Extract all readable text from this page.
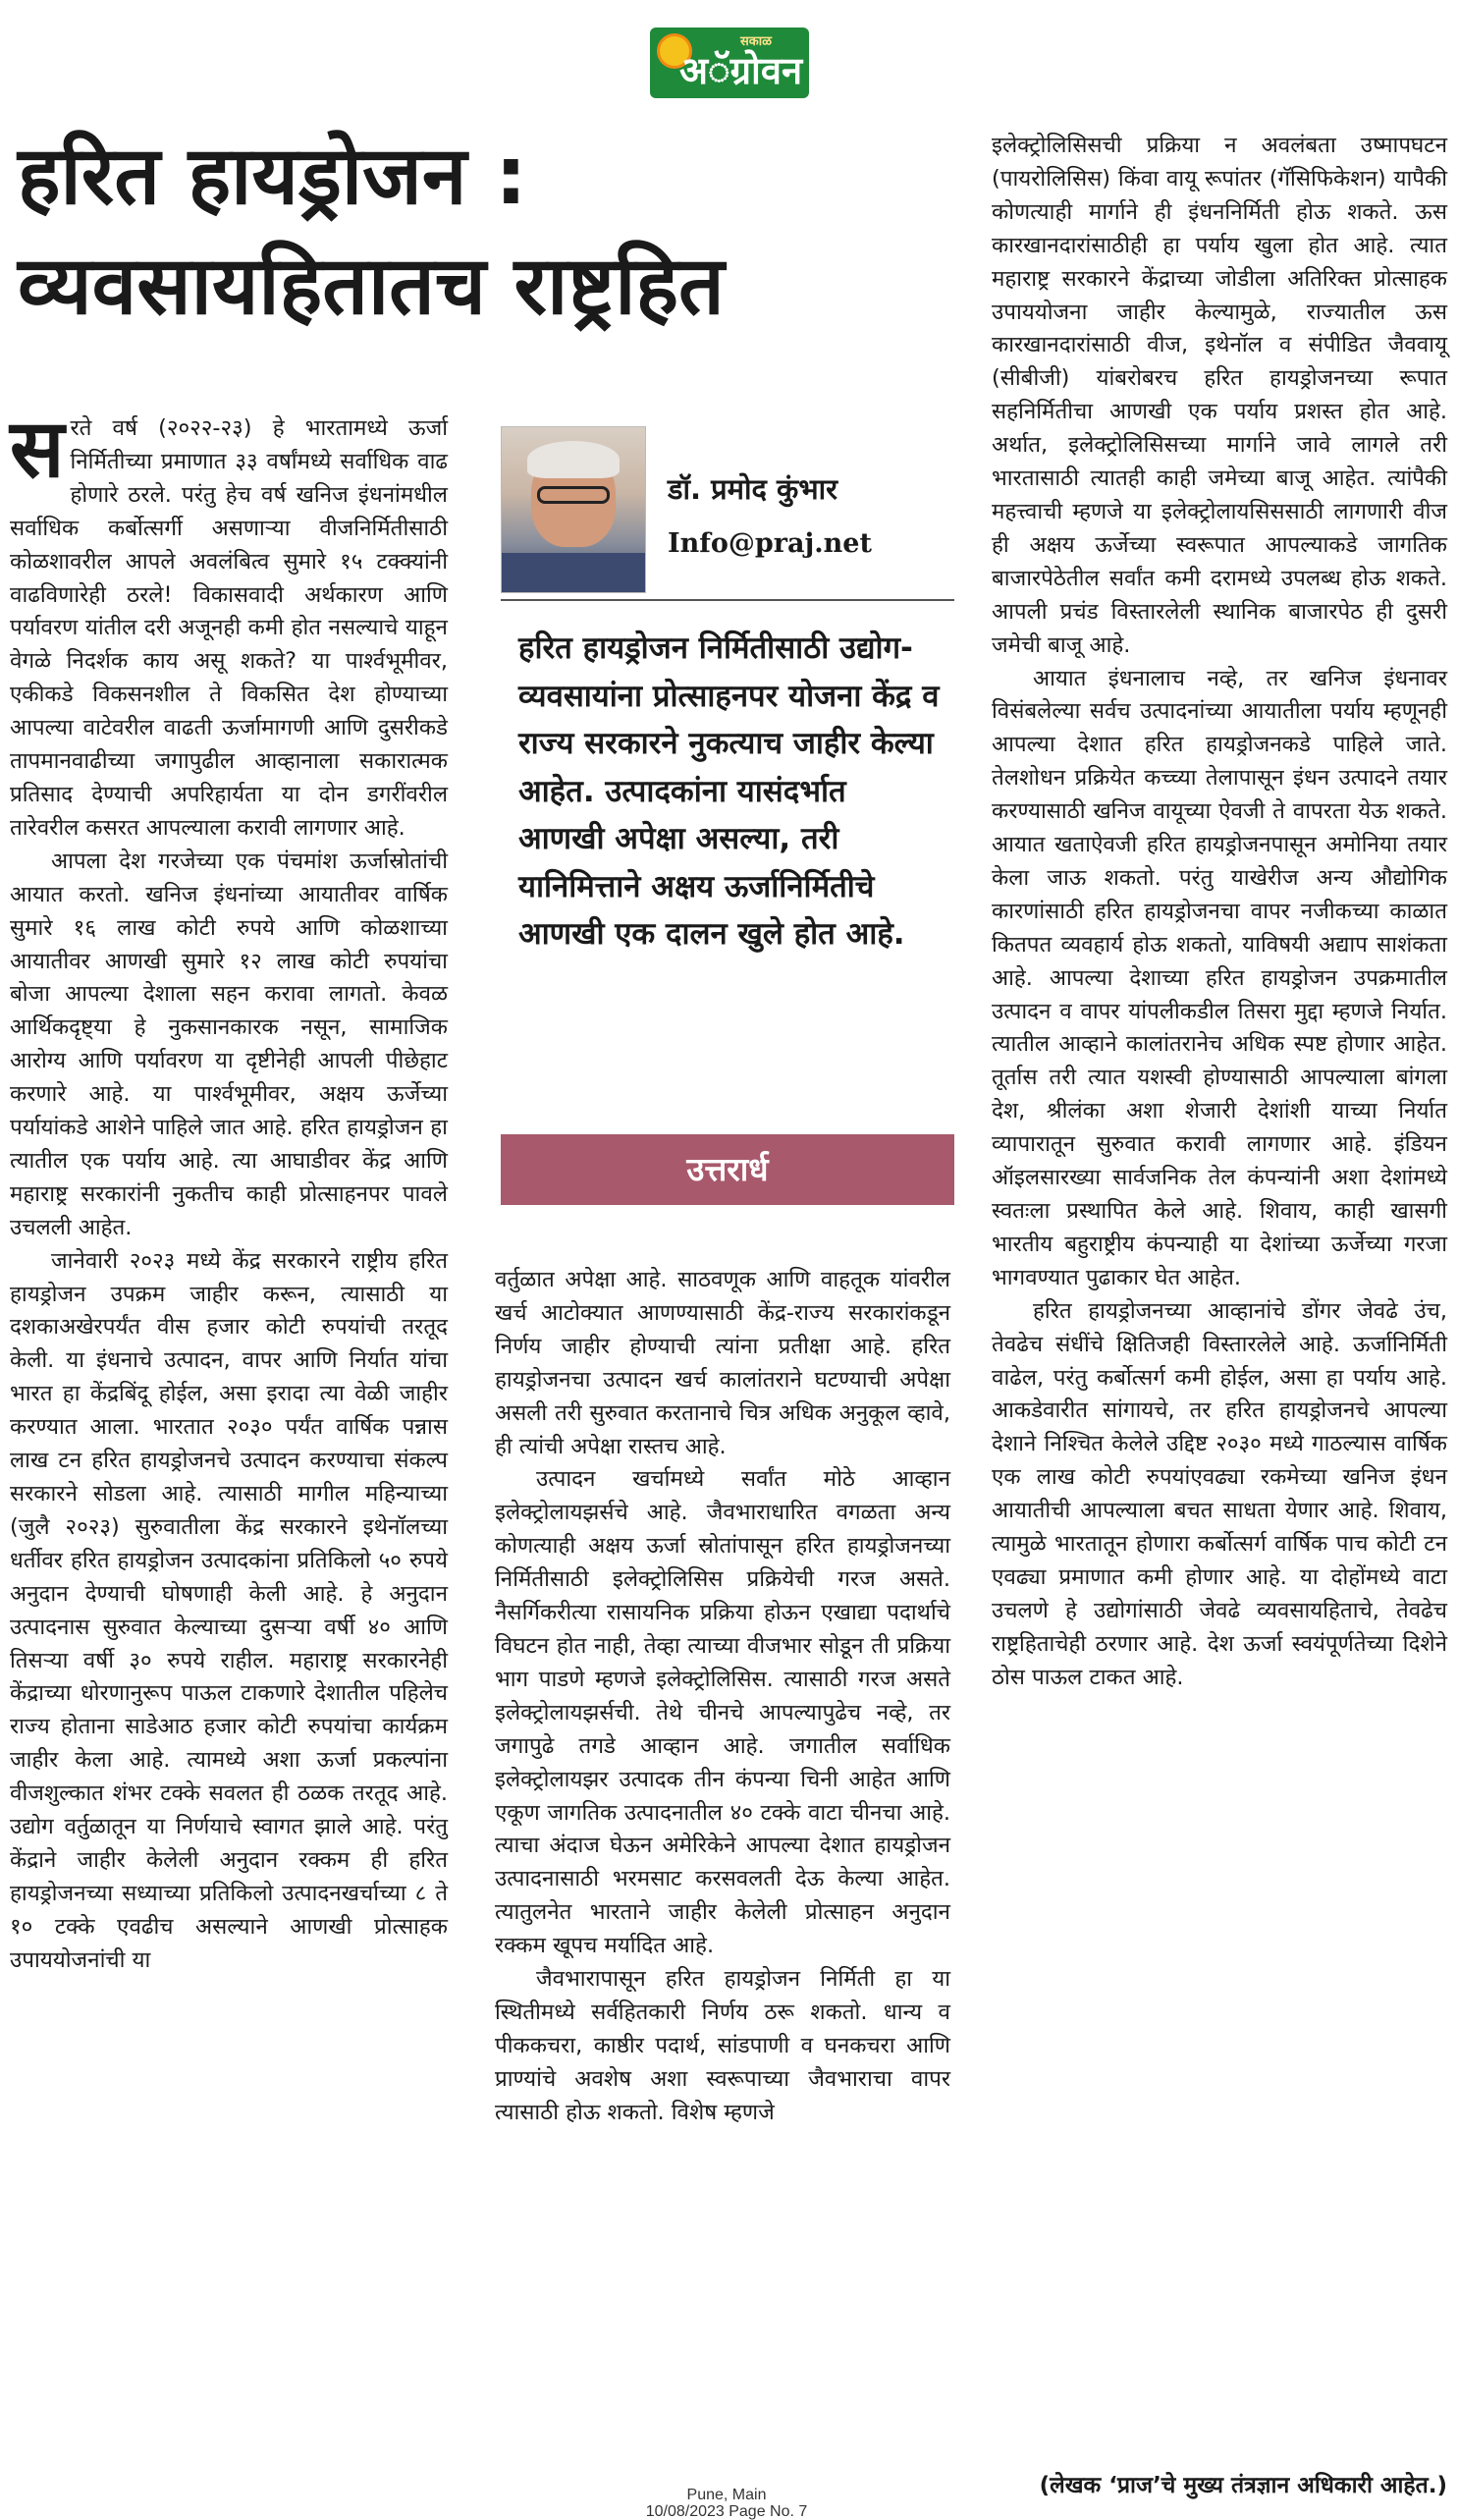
सकाळ
अॅग्रोवन
हरित हायड्रोजन :
व्यवसायहितातच राष्ट्रहित

सरते वर्ष (२०२२-२३) हे भारतामध्ये ऊर्जा निर्मितीच्या प्रमाणात ३३ वर्षांमध्ये सर्वाधिक वाढ होणारे ठरले. परंतु हेच वर्ष खनिज इंधनांमधील सर्वाधिक कर्बोत्सर्गी असणाऱ्या वीजनिर्मितीसाठी कोळशावरील आपले अवलंबित्व सुमारे १५ टक्क्यांनी वाढविणारेही ठरले! विकासवादी अर्थकारण आणि पर्यावरण यांतील दरी अजूनही कमी होत नसल्याचे याहून वेगळे निदर्शक काय असू शकते? या पार्श्वभूमीवर, एकीकडे विकसनशील ते विकसित देश होण्याच्या आपल्या वाटेवरील वाढती ऊर्जामागणी आणि दुसरीकडे तापमानवाढीच्या जगापुढील आव्हानाला सकारात्मक प्रतिसाद देण्याची अपरिहार्यता या दोन डगरींवरील तारेवरील कसरत आपल्याला करावी लागणार आहे.

आपला देश गरजेच्या एक पंचमांश ऊर्जास्रोतांची आयात करतो. खनिज इंधनांच्या आयातीवर वार्षिक सुमारे १६ लाख कोटी रुपये आणि कोळशाच्या आयातीवर आणखी सुमारे १२ लाख कोटी रुपयांचा बोजा आपल्या देशाला सहन करावा लागतो. केवळ आर्थिकदृष्ट्या हे नुकसानकारक नसून, सामाजिक आरोग्य आणि पर्यावरण या दृष्टीनेही आपली पीछेहाट करणारे आहे. या पार्श्वभूमीवर, अक्षय ऊर्जेच्या पर्यायांकडे आशेने पाहिले जात आहे. हरित हायड्रोजन हा त्यातील एक पर्याय आहे. त्या आघाडीवर केंद्र आणि महाराष्ट्र सरकारांनी नुकतीच काही प्रोत्साहनपर पावले उचलली आहेत.

जानेवारी २०२३ मध्ये केंद्र सरकारने राष्ट्रीय हरित हायड्रोजन उपक्रम जाहीर करून, त्यासाठी या दशकाअखेरपर्यंत वीस हजार कोटी रुपयांची तरतूद केली. या इंधनाचे उत्पादन, वापर आणि निर्यात यांचा भारत हा केंद्रबिंदू होईल, असा इरादा त्या वेळी जाहीर करण्यात आला. भारतात २०३० पर्यंत वार्षिक पन्नास लाख टन हरित हायड्रोजनचे उत्पादन करण्याचा संकल्प सरकारने सोडला आहे. त्यासाठी मागील महिन्याच्या (जुलै २०२३) सुरुवातीला केंद्र सरकारने इथेनॉलच्या धर्तीवर हरित हायड्रोजन उत्पादकांना प्रतिकिलो ५० रुपये अनुदान देण्याची घोषणाही केली आहे. हे अनुदान उत्पादनास सुरुवात केल्याच्या दुसऱ्या वर्षी ४० आणि तिसऱ्या वर्षी ३० रुपये राहील. महाराष्ट्र सरकारनेही केंद्राच्या धोरणानुरूप पाऊल टाकणारे देशातील पहिलेच राज्य होताना साडेआठ हजार कोटी रुपयांचा कार्यक्रम जाहीर केला आहे. त्यामध्ये अशा ऊर्जा प्रकल्पांना वीजशुल्कात शंभर टक्के सवलत ही ठळक तरतूद आहे. उद्योग वर्तुळातून या निर्णयाचे स्वागत झाले आहे. परंतु केंद्राने जाहीर केलेली अनुदान रक्कम ही हरित हायड्रोजनच्या सध्याच्या प्रतिकिलो उत्पादनखर्चाच्या ८ ते १० टक्के एवढीच असल्याने आणखी प्रोत्साहक उपाययोजनांची या

डॉ. प्रमोद कुंभार
Info@praj.net
हरित हायड्रोजन निर्मितीसाठी उद्योग-व्यवसायांना प्रोत्साहनपर योजना केंद्र व राज्य सरकारने नुकत्याच जाहीर केल्या आहेत. उत्पादकांना यासंदर्भात आणखी अपेक्षा असल्या, तरी यानिमित्ताने अक्षय ऊर्जानिर्मितीचे आणखी एक दालन खुले होत आहे.
उत्तरार्ध

वर्तुळात अपेक्षा आहे. साठवणूक आणि वाहतूक यांवरील खर्च आटोक्यात आणण्यासाठी केंद्र-राज्य सरकारांकडून निर्णय जाहीर होण्याची त्यांना प्रतीक्षा आहे. हरित हायड्रोजनचा उत्पादन खर्च कालांतराने घटण्याची अपेक्षा असली तरी सुरुवात करतानाचे चित्र अधिक अनुकूल व्हावे, ही त्यांची अपेक्षा रास्तच आहे.

उत्पादन खर्चामध्ये सर्वांत मोठे आव्हान इलेक्ट्रोलायझर्सचे आहे. जैवभाराधारित वगळता अन्य कोणत्याही अक्षय ऊर्जा स्रोतांपासून हरित हायड्रोजनच्या निर्मितीसाठी इलेक्ट्रोलिसिस प्रक्रियेची गरज असते. नैसर्गिकरीत्या रासायनिक प्रक्रिया होऊन एखाद्या पदार्थाचे विघटन होत नाही, तेव्हा त्याच्या वीजभार सोडून ती प्रक्रिया भाग पाडणे म्हणजे इलेक्ट्रोलिसिस. त्यासाठी गरज असते इलेक्ट्रोलायझर्सची. तेथे चीनचे आपल्यापुढेच नव्हे, तर जगापुढे तगडे आव्हान आहे. जगातील सर्वाधिक इलेक्ट्रोलायझर उत्पादक तीन कंपन्या चिनी आहेत आणि एकूण जागतिक उत्पादनातील ४० टक्के वाटा चीनचा आहे. त्याचा अंदाज घेऊन अमेरिकेने आपल्या देशात हायड्रोजन उत्पादनासाठी भरमसाट करसवलती देऊ केल्या आहेत. त्यातुलनेत भारताने जाहीर केलेली प्रोत्साहन अनुदान रक्कम खूपच मर्यादित आहे.

जैवभारापासून हरित हायड्रोजन निर्मिती हा या स्थितीमध्ये सर्वहितकारी निर्णय ठरू शकतो. धान्य व पीककचरा, काष्ठीर पदार्थ, सांडपाणी व घनकचरा आणि प्राण्यांचे अवशेष अशा स्वरूपाच्या जैवभाराचा वापर त्यासाठी होऊ शकतो. विशेष म्हणजे

इलेक्ट्रोलिसिसची प्रक्रिया न अवलंबता उष्मापघटन (पायरोलिसिस) किंवा वायू रूपांतर (गॅसिफिकेशन) यापैकी कोणत्याही मार्गाने ही इंधननिर्मिती होऊ शकते. ऊस कारखानदारांसाठीही हा पर्याय खुला होत आहे. त्यात महाराष्ट्र सरकारने केंद्राच्या जोडीला अतिरिक्त प्रोत्साहक उपाययोजना जाहीर केल्यामुळे, राज्यातील ऊस कारखानदारांसाठी वीज, इथेनॉल व संपीडित जैववायू (सीबीजी) यांबरोबरच हरित हायड्रोजनच्या रूपात सहनिर्मितीचा आणखी एक पर्याय प्रशस्त होत आहे. अर्थात, इलेक्ट्रोलिसिसच्या मार्गाने जावे लागले तरी भारतासाठी त्यातही काही जमेच्या बाजू आहेत. त्यांपैकी महत्त्वाची म्हणजे या इलेक्ट्रोलायसिससाठी लागणारी वीज ही अक्षय ऊर्जेच्या स्वरूपात आपल्याकडे जागतिक बाजारपेठेतील सर्वांत कमी दरामध्ये उपलब्ध होऊ शकते. आपली प्रचंड विस्तारलेली स्थानिक बाजारपेठ ही दुसरी जमेची बाजू आहे.

आयात इंधनालाच नव्हे, तर खनिज इंधनावर विसंबलेल्या सर्वच उत्पादनांच्या आयातीला पर्याय म्हणूनही आपल्या देशात हरित हायड्रोजनकडे पाहिले जाते. तेलशोधन प्रक्रियेत कच्च्या तेलापासून इंधन उत्पादने तयार करण्यासाठी खनिज वायूच्या ऐवजी ते वापरता येऊ शकते. आयात खताऐवजी हरित हायड्रोजनपासून अमोनिया तयार केला जाऊ शकतो. परंतु याखेरीज अन्य औद्योगिक कारणांसाठी हरित हायड्रोजनचा वापर नजीकच्या काळात कितपत व्यवहार्य होऊ शकतो, याविषयी अद्याप साशंकता आहे. आपल्या देशाच्या हरित हायड्रोजन उपक्रमातील उत्पादन व वापर यांपलीकडील तिसरा मुद्दा म्हणजे निर्यात. त्यातील आव्हाने कालांतरानेच अधिक स्पष्ट होणार आहेत. तूर्तास तरी त्यात यशस्वी होण्यासाठी आपल्याला बांगला देश, श्रीलंका अशा शेजारी देशांशी याच्या निर्यात व्यापारातून सुरुवात करावी लागणार आहे. इंडियन ऑइलसारख्या सार्वजनिक तेल कंपन्यांनी अशा देशांमध्ये स्वतःला प्रस्थापित केले आहे. शिवाय, काही खासगी भारतीय बहुराष्ट्रीय कंपन्याही या देशांच्या ऊर्जेच्या गरजा भागवण्यात पुढाकार घेत आहेत.

हरित हायड्रोजनच्या आव्हानांचे डोंगर जेवढे उंच, तेवढेच संधींचे क्षितिजही विस्तारलेले आहे. ऊर्जानिर्मिती वाढेल, परंतु कर्बोत्सर्ग कमी होईल, असा हा पर्याय आहे. आकडेवारीत सांगायचे, तर हरित हायड्रोजनचे आपल्या देशाने निश्चित केलेले उद्दिष्ट २०३० मध्ये गाठल्यास वार्षिक एक लाख कोटी रुपयांएवढ्या रकमेच्या खनिज इंधन आयातीची आपल्याला बचत साधता येणार आहे. शिवाय, त्यामुळे भारतातून होणारा कर्बोत्सर्ग वार्षिक पाच कोटी टन एवढ्या प्रमाणात कमी होणार आहे. या दोहोंमध्ये वाटा उचलणे हे उद्योगांसाठी जेवढे व्यवसायहिताचे, तेवढेच राष्ट्रहिताचेही ठरणार आहे. देश ऊर्जा स्वयंपूर्णतेच्या दिशेने ठोस पाऊल टाकत आहे.

(लेखक ‘प्राज’चे मुख्य तंत्रज्ञान अधिकारी आहेत.)
Pune, Main
10/08/2023 Page No. 7
